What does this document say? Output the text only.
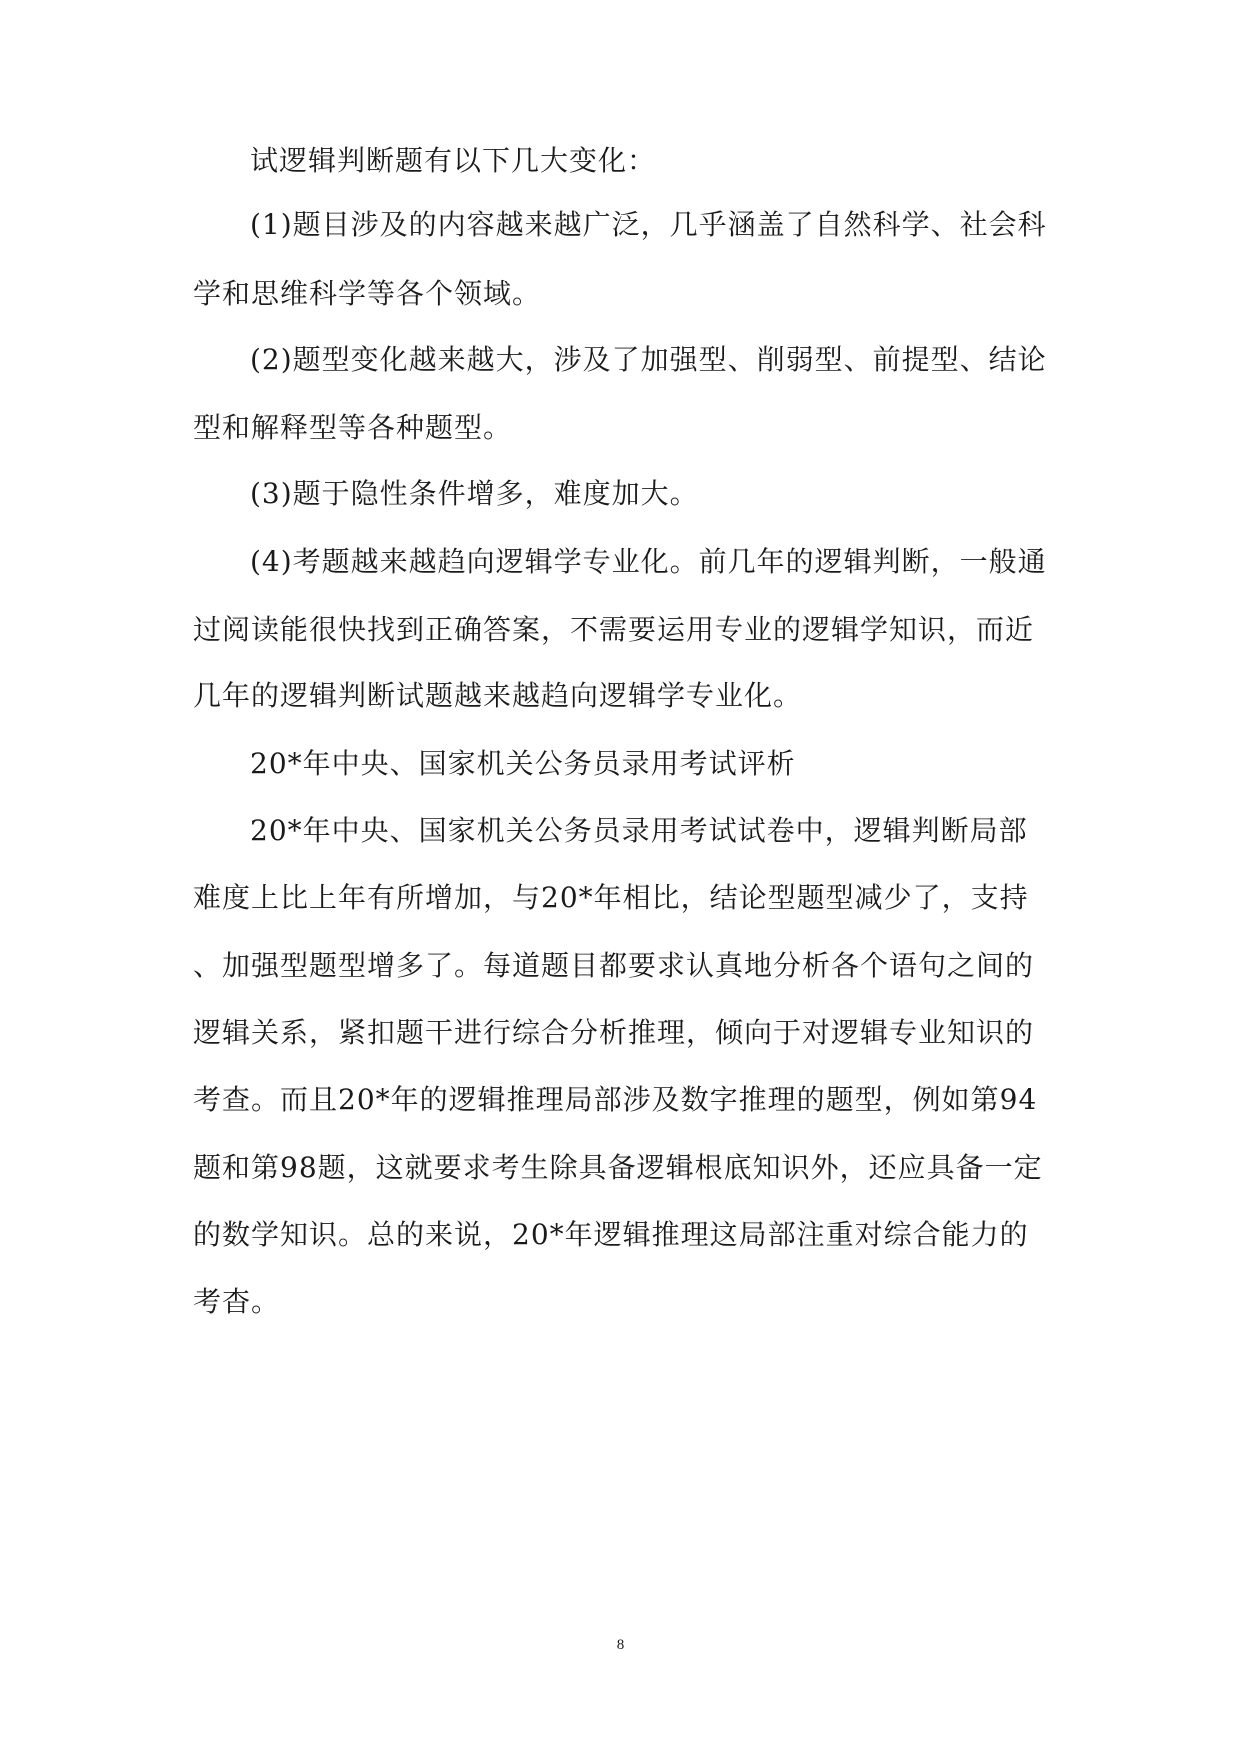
试逻辑判断题有以下几大变化：
(1)题目涉及的内容越来越广泛，几乎涵盖了自然科学、社会科
学和思维科学等各个领域。
(2)题型变化越来越大，涉及了加强型、削弱型、前提型、结论
型和解释型等各种题型。
(3)题于隐性条件增多，难度加大。
(4)考题越来越趋向逻辑学专业化。前几年的逻辑判断，一般通
过阅读能很快找到正确答案，不需要运用专业的逻辑学知识，而近
几年的逻辑判断试题越来越趋向逻辑学专业化。
20*年中央、国家机关公务员录用考试评析
20*年中央、国家机关公务员录用考试试卷中，逻辑判断局部
难度上比上年有所增加，与20*年相比，结论型题型减少了，支持
、加强型题型增多了。每道题目都要求认真地分析各个语句之间的
逻辑关系，紧扣题干进行综合分析推理，倾向于对逻辑专业知识的
考查。而且20*年的逻辑推理局部涉及数字推理的题型，例如第94
题和第98题，这就要求考生除具备逻辑根底知识外，还应具备一定
的数学知识。总的来说，20*年逻辑推理这局部注重对综合能力的
考杳。
8
